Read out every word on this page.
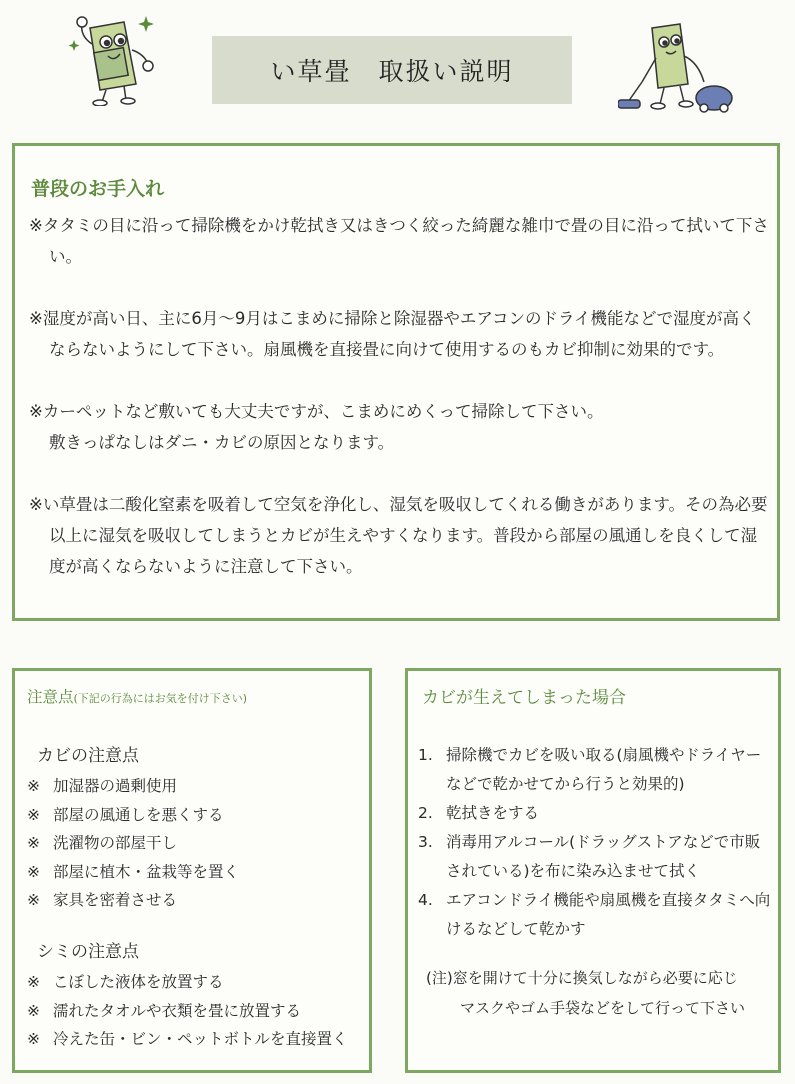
い草畳　取扱い説明
普段のお手入れ

※タタミの目に沿って掃除機をかけ乾拭き又はきつく絞った綺麗な雑巾で畳の目に沿って拭いて下さい。

※湿度が高い日、主に6月～9月はこまめに掃除と除湿器やエアコンのドライ機能などで湿度が高くならないようにして下さい。扇風機を直接畳に向けて使用するのもカビ抑制に効果的です。

※カーペットなど敷いても大丈夫ですが、こまめにめくって掃除して下さい。
敷きっぱなしはダニ・カビの原因となります。

※い草畳は二酸化窒素を吸着して空気を浄化し、湿気を吸収してくれる働きがあります。その為必要以上に湿気を吸収してしまうとカビが生えやすくなります。普段から部屋の風通しを良くして湿度が高くならないように注意して下さい。

注意点(下記の行為にはお気を付け下さい)
カビの注意点
※ 加湿器の過剰使用
※ 部屋の風通しを悪くする
※ 洗濯物の部屋干し
※ 部屋に植木・盆栽等を置く
※ 家具を密着させる
シミの注意点
※ こぼした液体を放置する
※ 濡れたタオルや衣類を畳に放置する
※ 冷えた缶・ビン・ペットボトルを直接置く
カビが生えてしまった場合
1. 掃除機でカビを吸い取る(扇風機やドライヤーなどで乾かせてから行うと効果的)
2. 乾拭きをする
3. 消毒用アルコール(ドラッグストアなどで市販されている)を布に染み込ませて拭く
4. エアコンドライ機能や扇風機を直接タタミへ向けるなどして乾かす
(注)窓を開けて十分に換気しながら必要に応じ
マスクやゴム手袋などをして行って下さい
